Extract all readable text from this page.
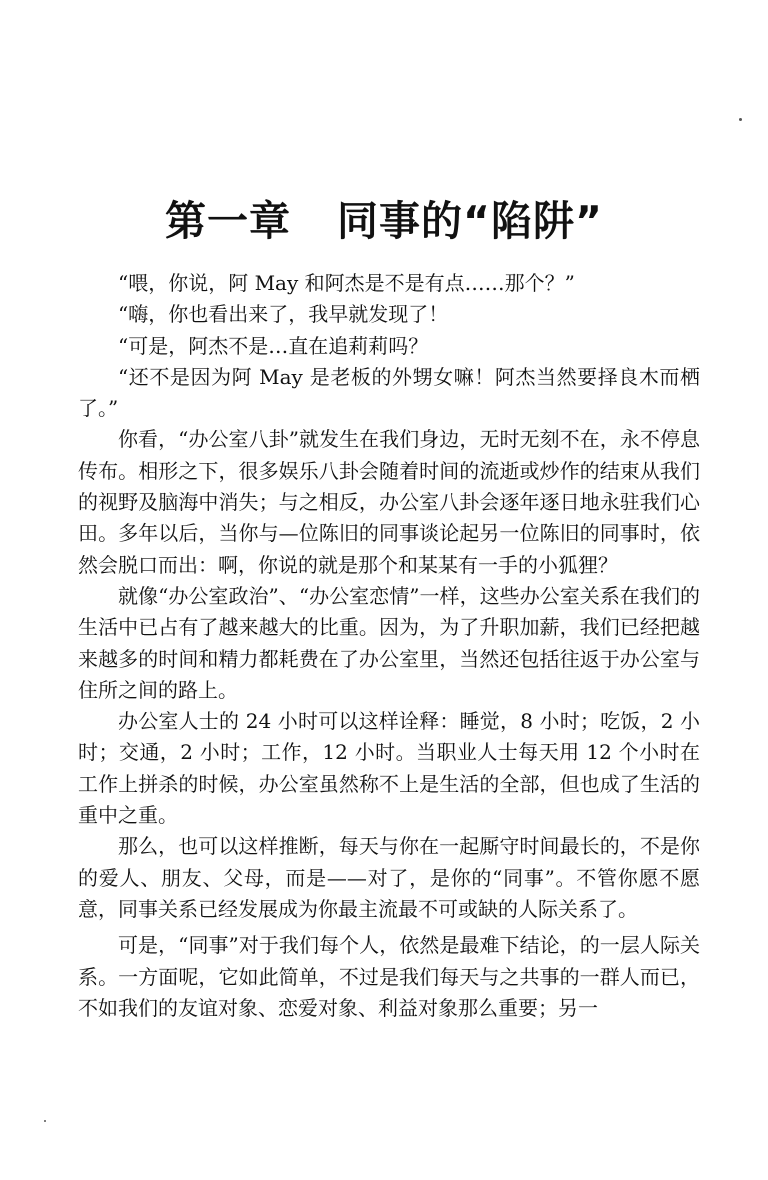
第一章 同事的“陷阱”

“喂，你说，阿 May 和阿杰是不是有点……那个？”

“嗨，你也看出来了，我早就发现了！

“可是，阿杰不是…直在追莉莉吗？

“还不是因为阿 May 是老板的外甥女嘛！阿杰当然要择良木而栖了。”

你看，“办公室八卦”就发生在我们身边，无时无刻不在，永不停息传布。相形之下，很多娱乐八卦会随着时间的流逝或炒作的结束从我们的视野及脑海中消失；与之相反，办公室八卦会逐年逐日地永驻我们心田。多年以后，当你与—位陈旧的同事谈论起另一位陈旧的同事时，依然会脱口而出：啊，你说的就是那个和某某有一手的小狐狸？

就像“办公室政治”、“办公室恋情”一样，这些办公室关系在我们的生活中已占有了越来越大的比重。因为，为了升职加薪，我们已经把越来越多的时间和精力都耗费在了办公室里，当然还包括往返于办公室与住所之间的路上。

办公室人士的 24 小时可以这样诠释：睡觉，8 小时；吃饭，2 小时；交通，2 小时；工作，12 小时。当职业人士每天用 12 个小时在工作上拼杀的时候，办公室虽然称不上是生活的全部，但也成了生活的重中之重。

那么，也可以这样推断，每天与你在一起厮守时间最长的，不是你的爱人、朋友、父母，而是——对了，是你的“同事”。不管你愿不愿意，同事关系已经发展成为你最主流最不可或缺的人际关系了。

可是，“同事”对于我们每个人，依然是最难下结论，的一层人际关系。一方面呢，它如此简单，不过是我们每天与之共事的一群人而已，不如我们的友谊对象、恋爱对象、利益对象那么重要；另一
